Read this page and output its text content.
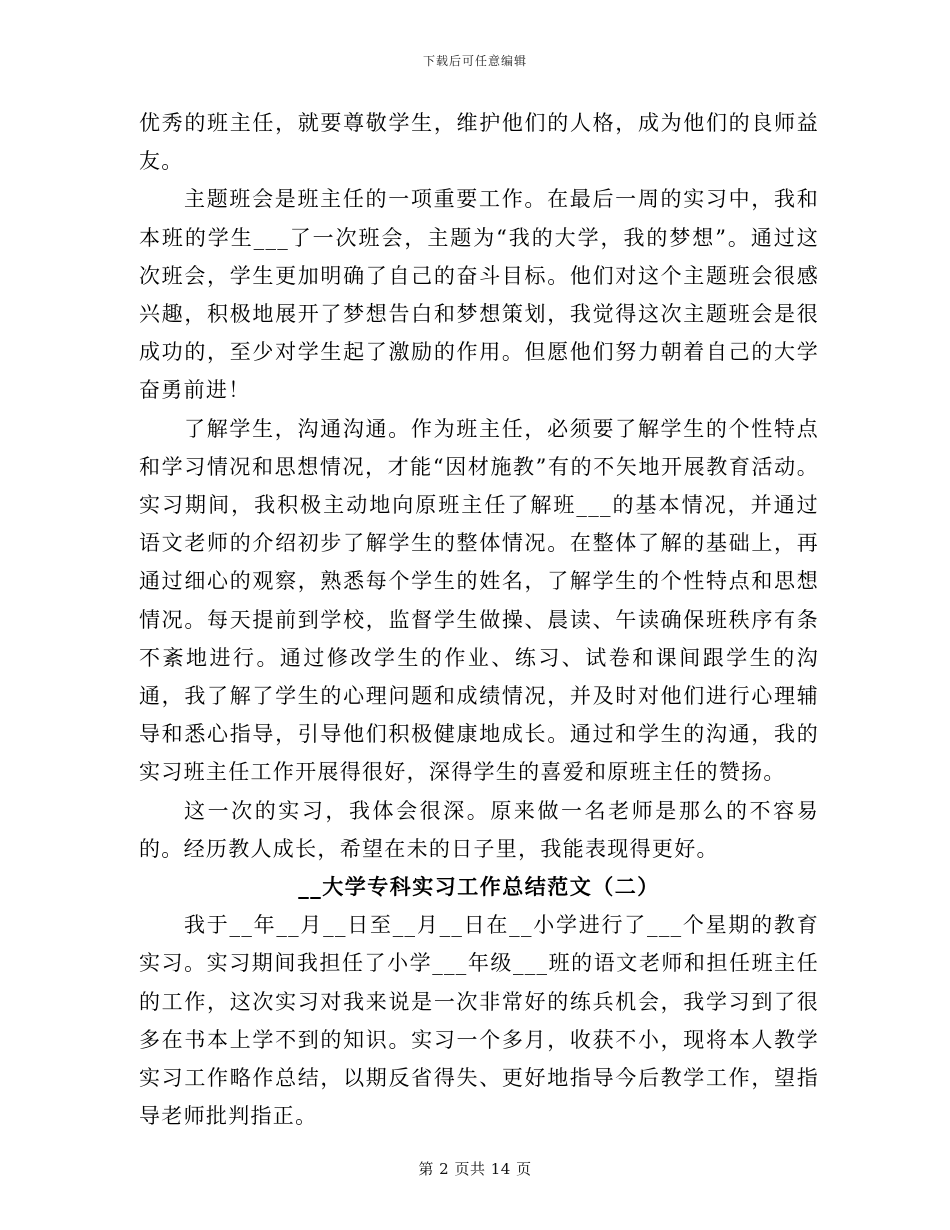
下载后可任意编辑

优秀的班主任，就要尊敬学生，维护他们的人格，成为他们的良师益友。

主题班会是班主任的一项重要工作。在最后一周的实习中，我和本班的学生___了一次班会，主题为“我的大学，我的梦想”。通过这次班会，学生更加明确了自己的奋斗目标。他们对这个主题班会很感兴趣，积极地展开了梦想告白和梦想策划，我觉得这次主题班会是很成功的，至少对学生起了激励的作用。但愿他们努力朝着自己的大学奋勇前进！

了解学生，沟通沟通。作为班主任，必须要了解学生的个性特点和学习情况和思想情况，才能“因材施教”有的不矢地开展教育活动。实习期间，我积极主动地向原班主任了解班___的基本情况，并通过语文老师的介绍初步了解学生的整体情况。在整体了解的基础上，再通过细心的观察，熟悉每个学生的姓名，了解学生的个性特点和思想情况。每天提前到学校，监督学生做操、晨读、午读确保班秩序有条不紊地进行。通过修改学生的作业、练习、试卷和课间跟学生的沟通，我了解了学生的心理问题和成绩情况，并及时对他们进行心理辅导和悉心指导，引导他们积极健康地成长。通过和学生的沟通，我的实习班主任工作开展得很好，深得学生的喜爱和原班主任的赞扬。

这一次的实习，我体会很深。原来做一名老师是那么的不容易的。经历教人成长，希望在未的日子里，我能表现得更好。

__大学专科实习工作总结范文（二）

我于__年__月__日至__月__日在__小学进行了___个星期的教育实习。实习期间我担任了小学___年级___班的语文老师和担任班主任的工作，这次实习对我来说是一次非常好的练兵机会，我学习到了很多在书本上学不到的知识。实习一个多月，收获不小，现将本人教学实习工作略作总结，以期反省得失、更好地指导今后教学工作，望指导老师批判指正。

第 2 页共 14 页
